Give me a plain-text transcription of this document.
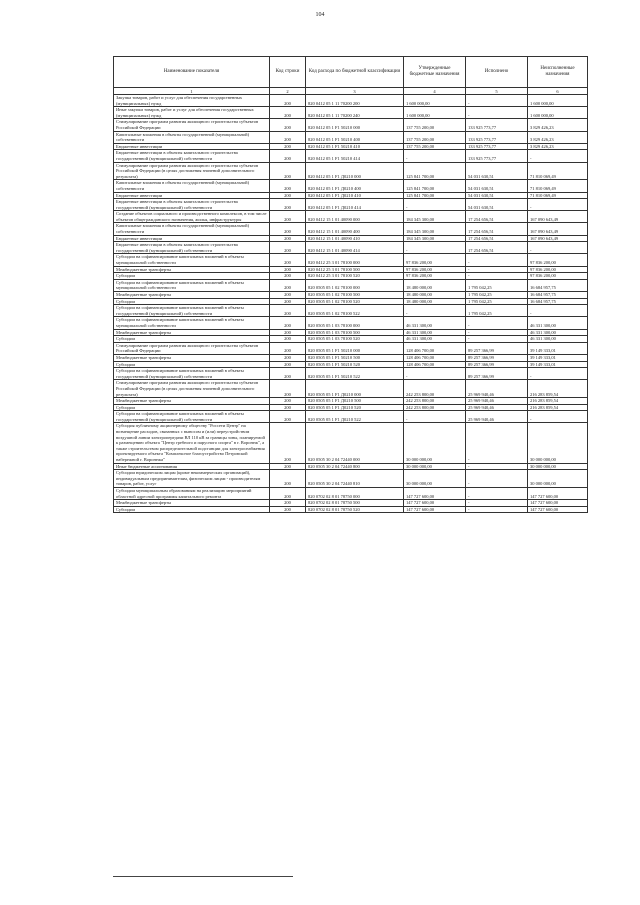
104
Наименование показателя	Код строки	Код расхода по бюджетной классификации	Утвержденные бюджетные назначения	Исполнено	Неисполненные назначения
1	2	3	4	5	6
Закупка товаров, работ и услуг для обеспечения государственных (муниципальных) нужд	200	820 0412 05 1 11 70200 200	1 600 000,00	-	1 600 000,00
Иные закупки товаров, работ и услуг для обеспечения государственных (муниципальных) нужд	200	820 0412 05 1 11 70200 240	1 600 000,00	-	1 600 000,00
Стимулирование программ развития жилищного строительства субъектов Российской Федерации	200	820 0412 05 1 F1 50210 000	137 755 200,00	133 925 773,77	3 829 426,23
Капитальные вложения в объекты государственной (муниципальной) собственности	200	820 0412 05 1 F1 50210 400	137 755 200,00	133 925 773,77	3 829 426,23
Бюджетные инвестиции	200	820 0412 05 1 F1 50210 410	137 755 200,00	133 925 773,77	3 829 426,23
Бюджетные инвестиции в объекты капитального строительства государственной (муниципальной) собственности	200	820 0412 05 1 F1 50210 414	-	133 925 773,77	-
Стимулирование программ развития жилищного строительства субъектов Российской Федерации (в целях достижения значений дополнительного результата)	200	820 0412 05 1 F1 Д0210 000	125 841 700,00	54 031 630,51	71 810 069,49
Капитальные вложения в объекты государственной (муниципальной) собственности	200	820 0412 05 1 F1 Д0210 400	125 841 700,00	54 031 630,51	71 810 069,49
Бюджетные инвестиции	200	820 0412 05 1 F1 Д0210 410	125 841 700,00	54 031 630,51	71 810 069,49
Бюджетные инвестиции в объекты капитального строительства государственной (муниципальной) собственности	200	820 0412 05 1 F1 Д0210 414	-	54 031 630,51	-
Создание объектов социального и производственного комплексов, в том числе объектов общегражданского назначения, жилья, инфраструктуры	200	820 0412 15 1 01 40090 000	184 345 300,00	17 254 656,51	167 090 643,49
Капитальные вложения в объекты государственной (муниципальной) собственности	200	820 0412 15 1 01 40090 400	184 345 300,00	17 254 656,51	167 090 643,49
Бюджетные инвестиции	200	820 0412 15 1 01 40090 410	184 345 300,00	17 254 656,51	167 090 643,49
Бюджетные инвестиции в объекты капитального строительства государственной (муниципальной) собственности	200	820 0412 15 1 01 40090 414	-	17 254 656,51	-
Субсидии на софинансирование капитальных вложений в объекты муниципальной собственности	200	820 0412 25 3 01 78100 000	97 836 200,00	-	97 836 200,00
Межбюджетные трансферты	200	820 0412 25 3 01 78100 500	97 836 200,00	-	97 836 200,00
Субсидии	200	820 0412 25 3 01 78100 520	97 836 200,00	-	97 836 200,00
Субсидии на софинансирование капитальных вложений в объекты муниципальной собственности	200	820 0505 05 1 02 78100 000	18 480 000,00	1 795 042,25	16 684 957,75
Межбюджетные трансферты	200	820 0505 05 1 02 78100 500	18 480 000,00	1 795 042,25	16 684 957,75
Субсидии	200	820 0505 05 1 02 78100 520	18 480 000,00	1 795 042,25	16 684 957,75
Субсидии на софинансирование капитальных вложений в объекты государственной (муниципальной) собственности	200	820 0505 05 1 02 78100 522	-	1 795 042,25	-
Субсидии на софинансирование капитальных вложений в объекты муниципальной собственности	200	820 0505 05 1 03 78100 000	46 331 300,00	-	46 331 300,00
Межбюджетные трансферты	200	820 0505 05 1 03 78100 500	46 331 300,00	-	46 331 300,00
Субсидии	200	820 0505 05 1 03 78100 520	46 331 300,00	-	46 331 300,00
Стимулирование программ развития жилищного строительства субъектов Российской Федерации	200	820 0505 05 1 F1 50210 000	128 406 700,00	89 257 366,99	39 149 333,01
Межбюджетные трансферты	200	820 0505 05 1 F1 50210 500	128 406 700,00	89 257 366,99	39 149 333,01
Субсидии	200	820 0505 05 1 F1 50210 520	128 406 700,00	89 257 366,99	39 149 333,01
Субсидии на софинансирование капитальных вложений в объекты государственной (муниципальной) собственности	200	820 0505 05 1 F1 50210 522	-	89 257 366,99	-
Стимулирование программ развития жилищного строительства субъектов Российской Федерации (в целях достижения значений дополнительного результата)	200	820 0505 05 1 F1 Д0210 000	242 253 800,00	25 969 940,46	216 283 859,54
Межбюджетные трансферты	200	820 0505 05 1 F1 Д0210 500	242 253 800,00	25 969 940,46	216 283 859,54
Субсидии	200	820 0505 05 1 F1 Д0210 520	242 253 800,00	25 969 940,46	216 283 859,54
Субсидии на софинансирование капитальных вложений в объекты государственной (муниципальной) собственности	200	820 0505 05 1 F1 Д0210 522	-	25 969 940,46	-
Субсидия публичному акционерному обществу "Россети Центр" на возмещение расходов, связанных с выносом и (или) переустройством воздушной линии электропередачи ВЛ 110 кВ за границы зоны, планируемой к размещению объекта "Центр гребного и парусного спорта" в г. Воронеж", а также строительством распределительной подстанции для электроснабжения проектируемого объекта "Комплексное благоустройство Петровской набережной г. Воронежа"	200	820 0505 30 2 04 72440 000	30 000 000,00	-	30 000 000,00
Иные бюджетные ассигнования	200	820 0505 30 2 04 72440 800	30 000 000,00	-	30 000 000,00
Субсидии юридическим лицам (кроме некоммерческих организаций), индивидуальным предпринимателям, физическим лицам - производителям товаров, работ, услуг	200	820 0505 30 2 04 72440 810	30 000 000,00	-	30 000 000,00
Субсидии муниципальным образованиям на реализацию мероприятий областной адресной программы капитального ремонта	200	820 0702 02 8 01 78750 000	147 727 600,00	-	147 727 600,00
Межбюджетные трансферты	200	820 0702 02 8 01 78750 500	147 727 600,00	-	147 727 600,00
Субсидии	200	820 0702 02 8 01 78750 520	147 727 600,00	-	147 727 600,00
